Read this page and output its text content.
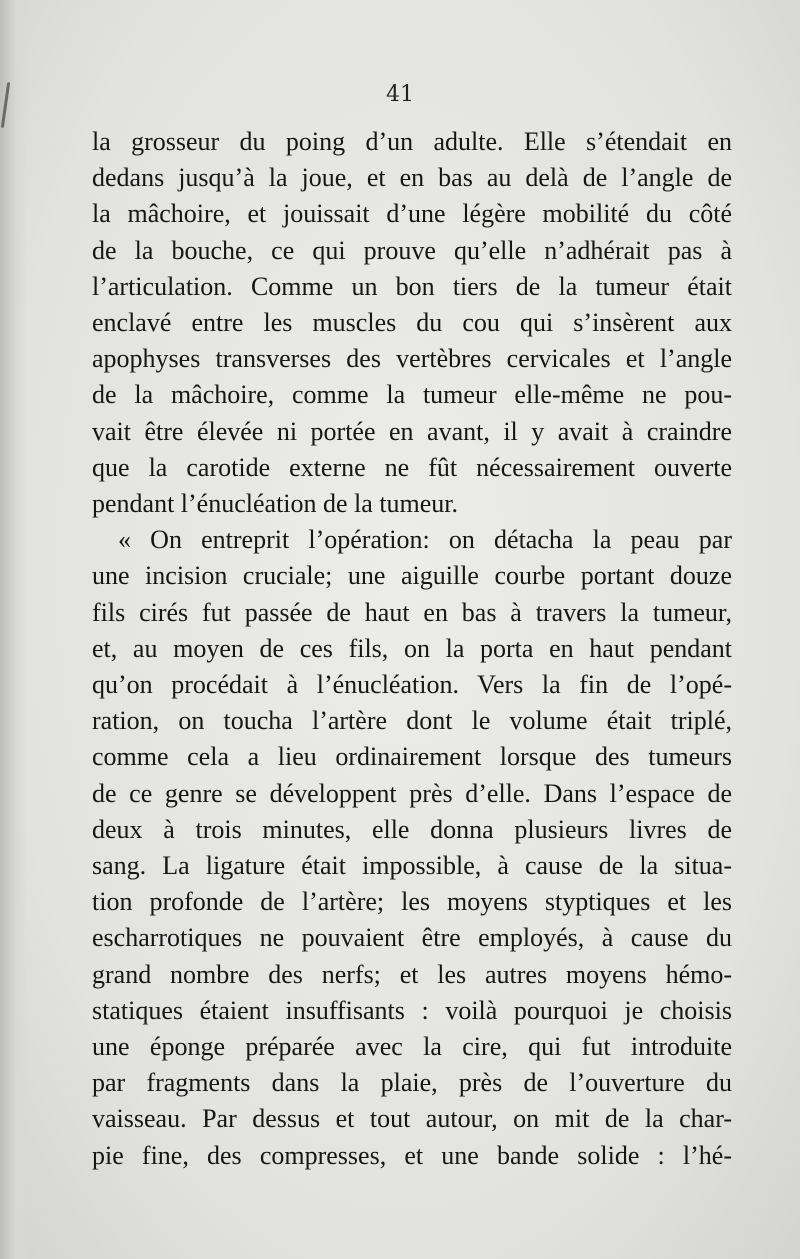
41
la grosseur du poing d’un adulte. Elle s’étendait en
dedans jusqu’à la joue, et en bas au delà de l’angle de
la mâchoire, et jouissait d’une légère mobilité du côté
de la bouche, ce qui prouve qu’elle n’adhérait pas à
l’articulation. Comme un bon tiers de la tumeur était
enclavé entre les muscles du cou qui s’insèrent aux
apophyses transverses des vertèbres cervicales et l’angle
de la mâchoire, comme la tumeur elle-même ne pou-
vait être élevée ni portée en avant, il y avait à craindre
que la carotide externe ne fût nécessairement ouverte
pendant l’énucléation de la tumeur.
« On entreprit l’opération: on détacha la peau par
une incision cruciale; une aiguille courbe portant douze
fils cirés fut passée de haut en bas à travers la tumeur,
et, au moyen de ces fils, on la porta en haut pendant
qu’on procédait à l’énucléation. Vers la fin de l’opé-
ration, on toucha l’artère dont le volume était triplé,
comme cela a lieu ordinairement lorsque des tumeurs
de ce genre se développent près d’elle. Dans l’espace de
deux à trois minutes, elle donna plusieurs livres de
sang. La ligature était impossible, à cause de la situa-
tion profonde de l’artère; les moyens styptiques et les
escharrotiques ne pouvaient être employés, à cause du
grand nombre des nerfs; et les autres moyens hémo-
statiques étaient insuffisants : voilà pourquoi je choisis
une éponge préparée avec la cire, qui fut introduite
par fragments dans la plaie, près de l’ouverture du
vaisseau. Par dessus et tout autour, on mit de la char-
pie fine, des compresses, et une bande solide : l’hé-
